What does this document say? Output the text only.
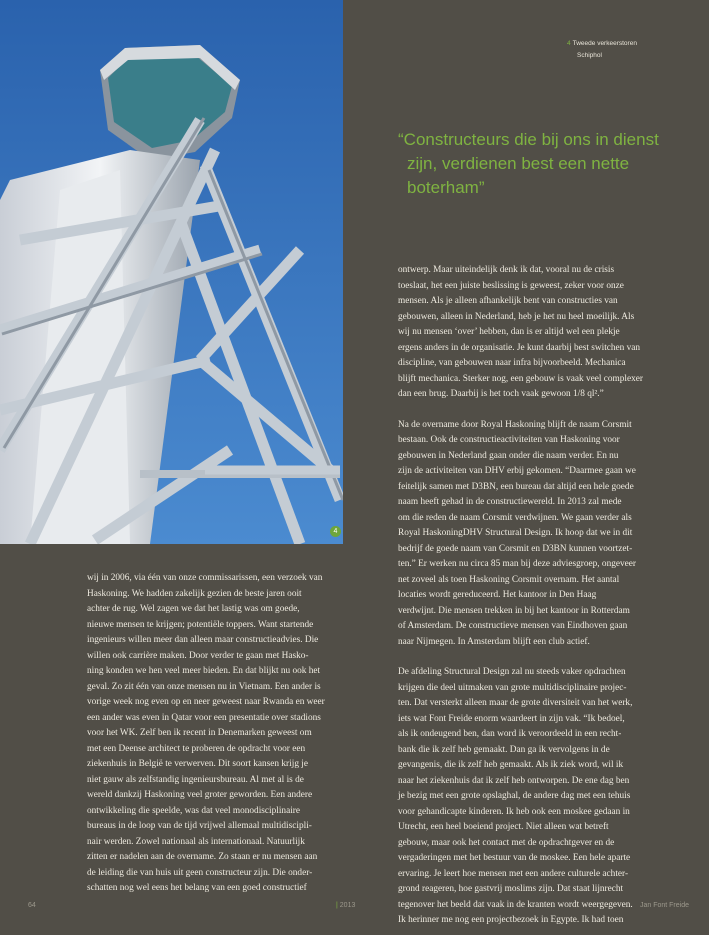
4
4 Tweede verkeerstoren
Schiphol
“Constructeurs die bij ons in dienst
zijn, verdienen best een nette
boterham”
wij in 2006, via één van onze commissarissen, een verzoek van
Haskoning. We hadden zakelijk gezien de beste jaren ooit
achter de rug. Wel zagen we dat het lastig was om goede,
nieuwe mensen te krijgen; potentiële toppers. Want startende
ingenieurs willen meer dan alleen maar constructieadvies. Die
willen ook carrière maken. Door verder te gaan met Hasko-
ning konden we hen veel meer bieden. En dat blijkt nu ook het
geval. Zo zit één van onze mensen nu in Vietnam. Een ander is
vorige week nog even op en neer geweest naar Rwanda en weer
een ander was even in Qatar voor een presentatie over stadions
voor het WK. Zelf ben ik recent in Denemarken geweest om
met een Deense architect te proberen de opdracht voor een
ziekenhuis in België te verwerven. Dit soort kansen krijg je
niet gauw als zelfstandig ingenieursbureau. Al met al is de
wereld dankzij Haskoning veel groter geworden. Een andere
ontwikkeling die speelde, was dat veel monodisciplinaire
bureaus in de loop van de tijd vrijwel allemaal multidiscipli-
nair werden. Zowel nationaal als internationaal. Natuurlijk
zitten er nadelen aan de overname. Zo staan er nu mensen aan
de leiding die van huis uit geen constructeur zijn. Die onder-
schatten nog wel eens het belang van een goed constructief
ontwerp. Maar uiteindelijk denk ik dat, vooral nu de crisis
toeslaat, het een juiste beslissing is geweest, zeker voor onze
mensen. Als je alleen afhankelijk bent van constructies van
gebouwen, alleen in Nederland, heb je het nu heel moeilijk. Als
wij nu mensen ‘over’ hebben, dan is er altijd wel een plekje
ergens anders in de organisatie. Je kunt daarbij best switchen van
discipline, van gebouwen naar infra bijvoorbeeld. Mechanica
blijft mechanica. Sterker nog, een gebouw is vaak veel complexer
dan een brug. Daarbij is het toch vaak gewoon 1/8 ql².”
Na de overname door Royal Haskoning blijft de naam Corsmit
bestaan. Ook de constructieactiviteiten van Haskoning voor
gebouwen in Nederland gaan onder die naam verder. En nu
zijn de activiteiten van DHV erbij gekomen. “Daarmee gaan we
feitelijk samen met D3BN, een bureau dat altijd een hele goede
naam heeft gehad in de constructiewereld. In 2013 zal mede
om die reden de naam Corsmit verdwijnen. We gaan verder als
Royal HaskoningDHV Structural Design. Ik hoop dat we in dit
bedrijf de goede naam van Corsmit en D3BN kunnen voortzet-
ten.” Er werken nu circa 85 man bij deze adviesgroep, ongeveer
net zoveel als toen Haskoning Corsmit overnam. Het aantal
locaties wordt gereduceerd. Het kantoor in Den Haag
verdwijnt. Die mensen trekken in bij het kantoor in Rotterdam
of Amsterdam. De constructieve mensen van Eindhoven gaan
naar Nijmegen. In Amsterdam blijft een club actief.
De afdeling Structural Design zal nu steeds vaker opdrachten
krijgen die deel uitmaken van grote multidisciplinaire projec-
ten. Dat versterkt alleen maar de grote diversiteit van het werk,
iets wat Font Freide enorm waardeert in zijn vak. “Ik bedoel,
als ik ondeugend ben, dan word ik veroordeeld in een recht-
bank die ik zelf heb gemaakt. Dan ga ik vervolgens in de
gevangenis, die ik zelf heb gemaakt. Als ik ziek word, wil ik
naar het ziekenhuis dat ik zelf heb ontworpen. De ene dag ben
je bezig met een grote opslaghal, de andere dag met een tehuis
voor gehandicapte kinderen. Ik heb ook een moskee gedaan in
Utrecht, een heel boeiend project. Niet alleen wat betreft
gebouw, maar ook het contact met de opdrachtgever en de
vergaderingen met het bestuur van de moskee. Een hele aparte
ervaring. Je leert hoe mensen met een andere culturele achter-
grond reageren, hoe gastvrij moslims zijn. Dat staat lijnrecht
tegenover het beeld dat vaak in de kranten wordt weergegeven.
Ik herinner me nog een projectbezoek in Egypte. Ik had toen
64	| 2013	Jan Font Freide
